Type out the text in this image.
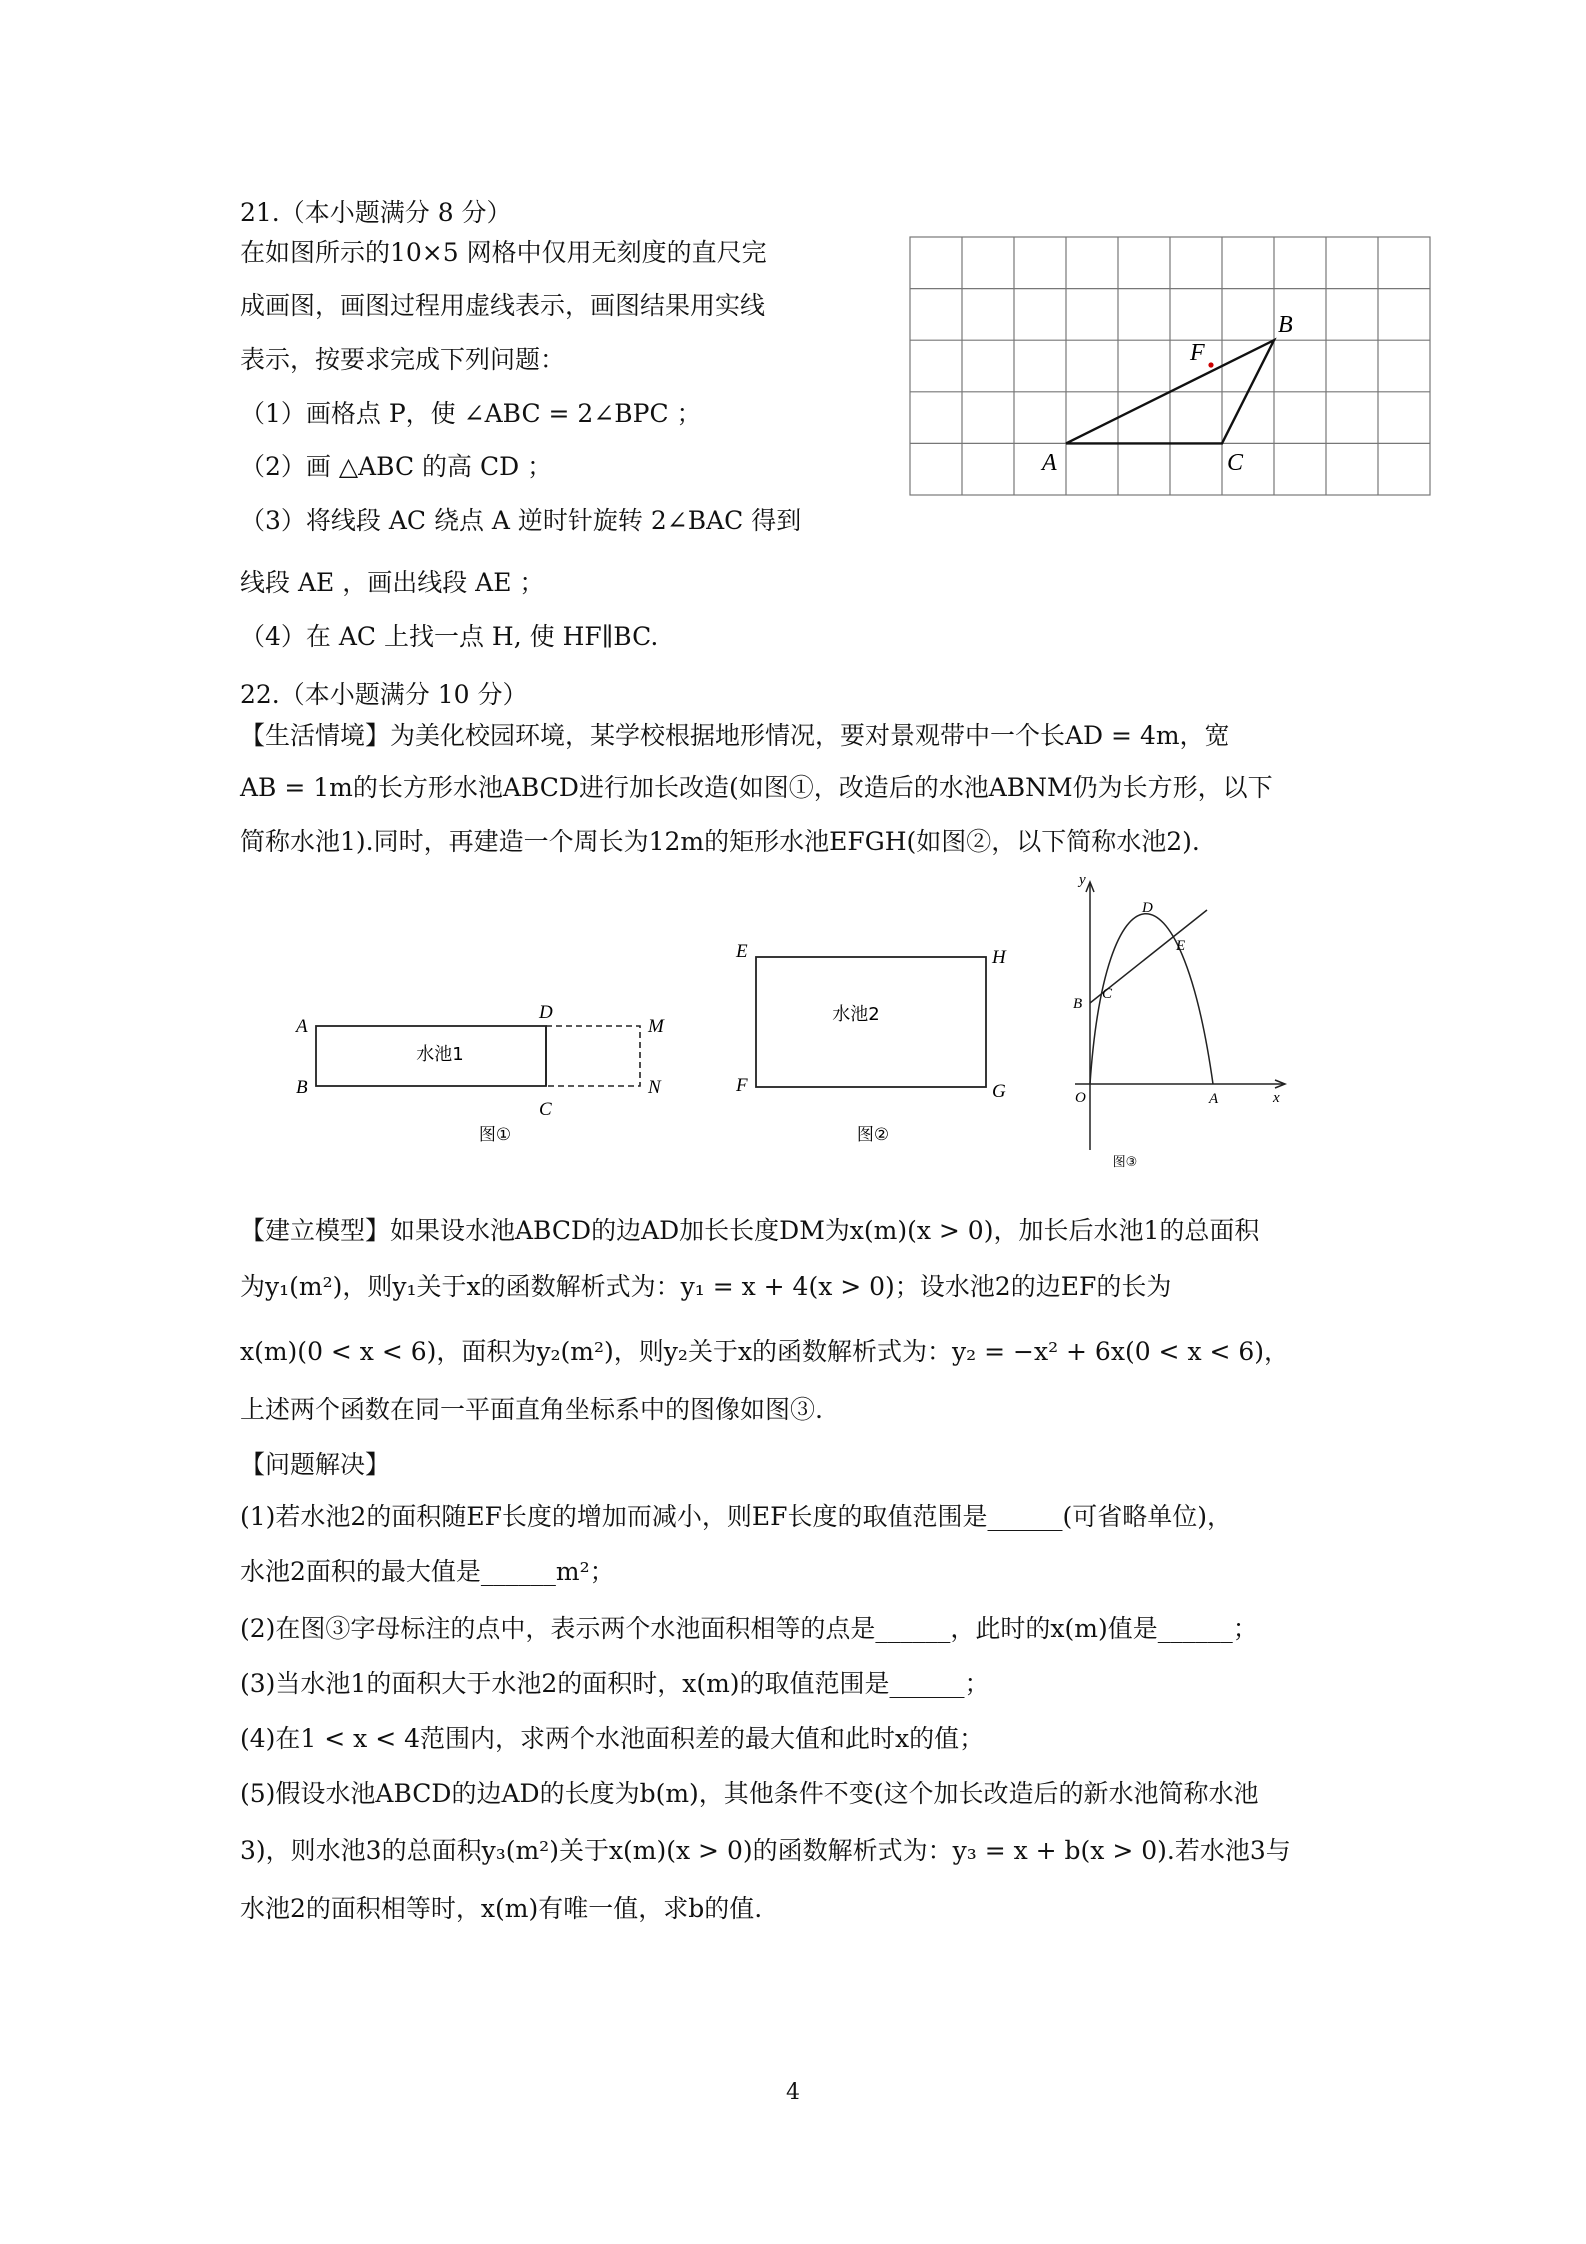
21.（本小题满分 8 分）
在如图所示的10×5 网格中仅用无刻度的直尺完
成画图，画图过程用虚线表示，画图结果用实线
表示，按要求完成下列问题：
（1）画格点 P，使 ∠ABC = 2∠BPC ；
（2）画 △ABC 的高 CD ；
（3）将线段 AC 绕点 A 逆时针旋转 2∠BAC 得到
线段 AE ，画出线段 AE ；
（4）在 AC 上找一点 H, 使 HF∥BC.
A
B
C
F
22.（本小题满分 10 分）
【生活情境】为美化校园环境，某学校根据地形情况，要对景观带中一个长AD = 4m，宽
AB = 1m的长方形水池ABCD进行加长改造(如图①，改造后的水池ABNM仍为长方形，以下
简称水池1).同时，再建造一个周长为12m的矩形水池EFGH(如图②，以下简称水池2).
A
B
C
D
M
N
水池1
图①
E
F	G
H
水池2
图②
y
x
O	A
B
C
D
E
图③
【建立模型】如果设水池ABCD的边AD加长长度DM为x(m)(x > 0)，加长后水池1的总面积
为y₁(m²)，则y₁关于x的函数解析式为：y₁ = x + 4(x > 0)；设水池2的边EF的长为
x(m)(0 < x < 6)，面积为y₂(m²)，则y₂关于x的函数解析式为：y₂ = −x² + 6x(0 < x < 6)，
上述两个函数在同一平面直角坐标系中的图像如图③.
【问题解决】
(1)若水池2的面积随EF长度的增加而减小，则EF长度的取值范围是______(可省略单位)，
水池2面积的最大值是______m²；
(2)在图③字母标注的点中，表示两个水池面积相等的点是______，此时的x(m)值是______；
(3)当水池1的面积大于水池2的面积时，x(m)的取值范围是______；
(4)在1 < x < 4范围内，求两个水池面积差的最大值和此时x的值；
(5)假设水池ABCD的边AD的长度为b(m)，其他条件不变(这个加长改造后的新水池简称水池
3)，则水池3的总面积y₃(m²)关于x(m)(x > 0)的函数解析式为：y₃ = x + b(x > 0).若水池3与
水池2的面积相等时，x(m)有唯一值，求b的值.
4
